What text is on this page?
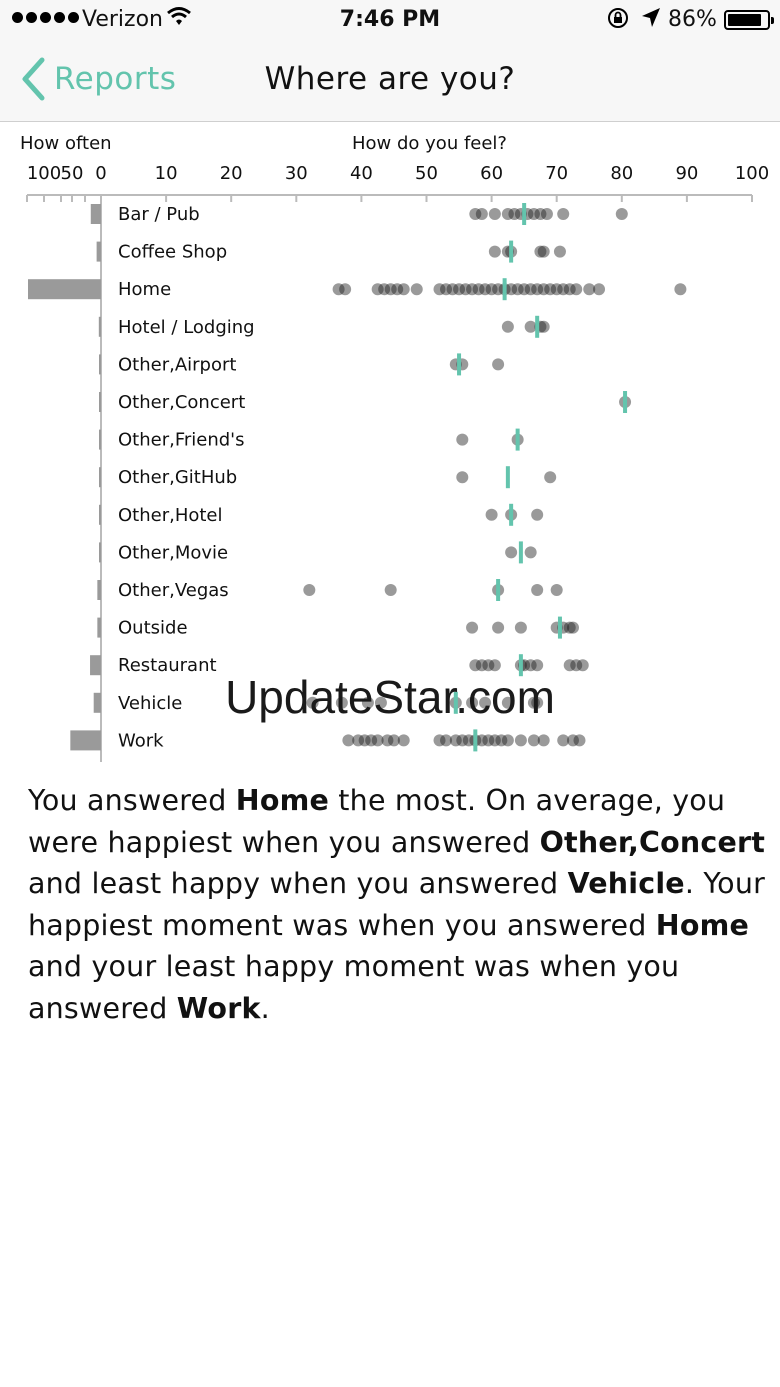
Verizon	7:46 PM	86%
Reports	Where are you?
How often	How do you feel?
100 50 0	10 20 30 40 50 60 70 80 90 100
Bar / Pub
Coffee Shop
Home
Hotel / Lodging
Other,Airport
Other,Concert
Other,Friend's
Other,GitHub
Other,Hotel
Other,Movie
Other,Vegas
Outside
Restaurant
Vehicle
Work

You answered Home the most. On average, you were happiest when you answered Other,Concert and least happy when you answered Vehicle. Your happiest moment was when you answered Home and your least happy moment was when you answered Work.

UpdateStar.com
